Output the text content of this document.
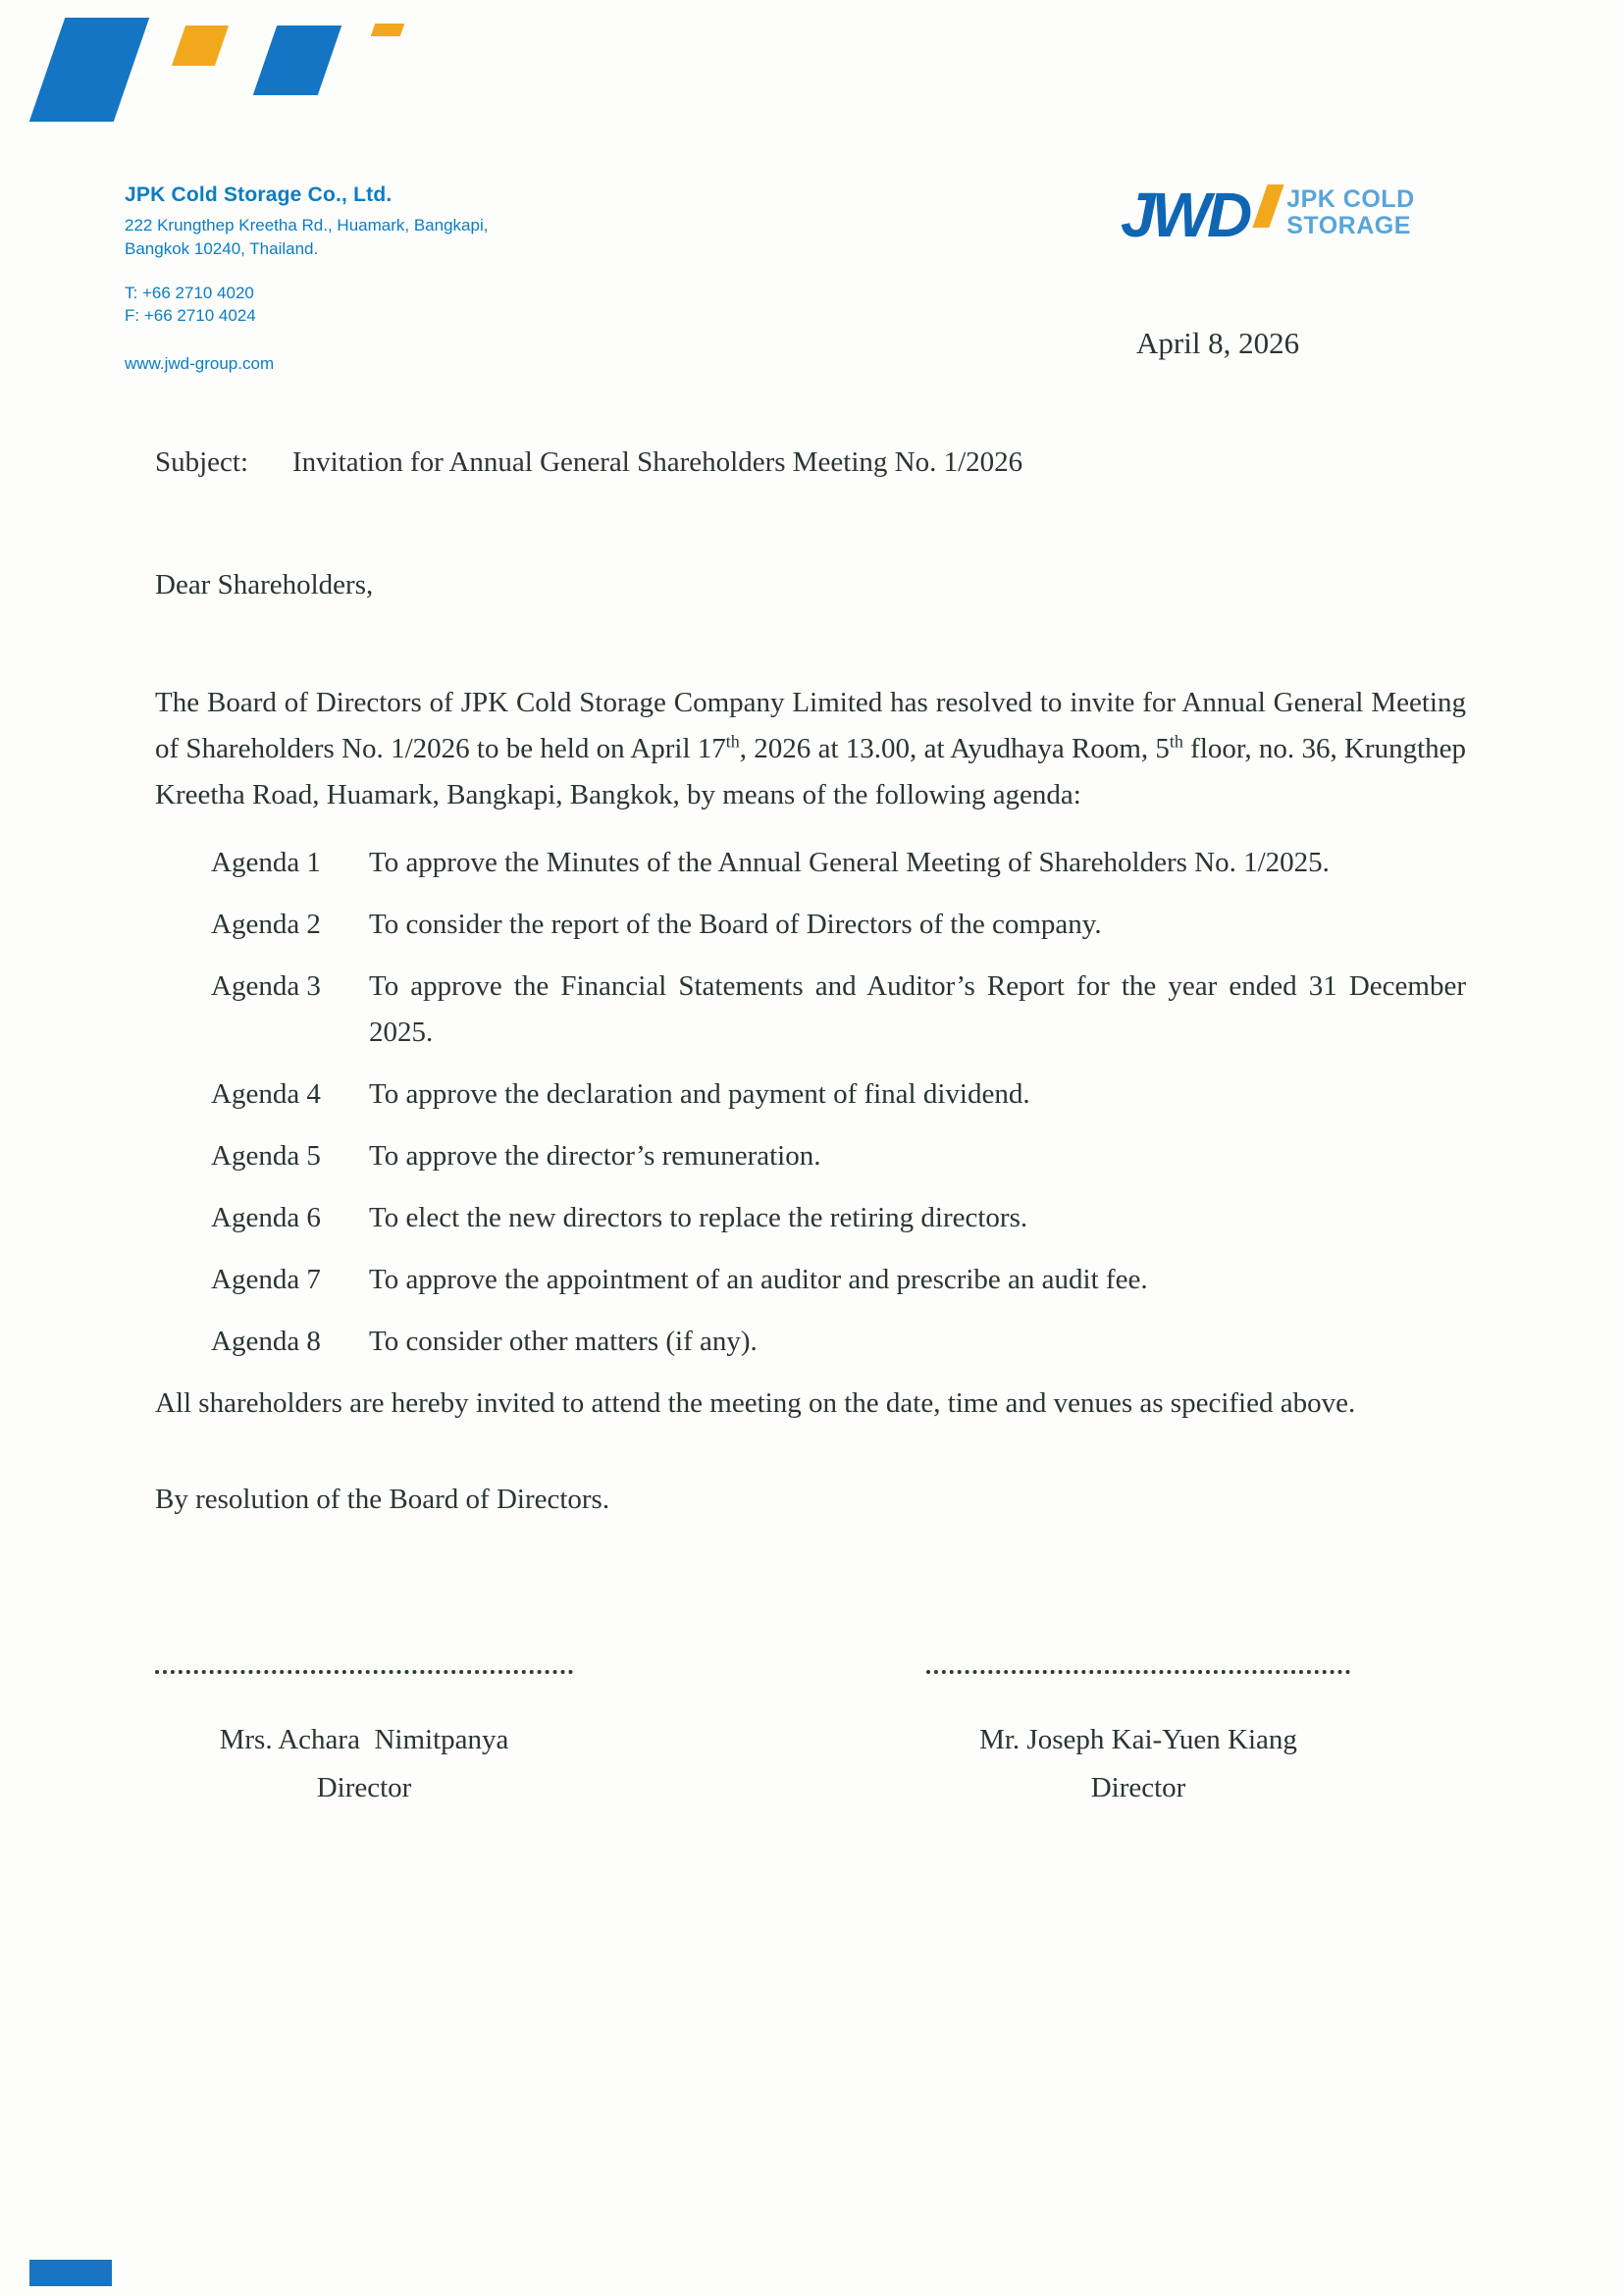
JPK Cold Storage Co., Ltd.
222 Krungthep Kreetha Rd., Huamark, Bangkapi,
Bangkok 10240, Thailand.
T: +66 2710 4020
F: +66 2710 4024
www.jwd-group.com
JWD JPK COLD
STORAGE
April 8, 2026
Subject:	Invitation for Annual General Shareholders Meeting No. 1/2026
Dear Shareholders,
The Board of Directors of JPK Cold Storage Company Limited has resolved to invite for Annual General Meeting of Shareholders No. 1/2026 to be held on April 17th, 2026 at 13.00, at Ayudhaya Room, 5th floor, no. 36, Krungthep Kreetha Road, Huamark, Bangkapi, Bangkok, by means of the following agenda:
Agenda 1	To approve the Minutes of the Annual General Meeting of Shareholders No. 1/2025.
Agenda 2	To consider the report of the Board of Directors of the company.
Agenda 3	To approve the Financial Statements and Auditor’s Report for the year ended 31 December 2025.
Agenda 4	To approve the declaration and payment of final dividend.
Agenda 5	To approve the director’s remuneration.
Agenda 6	To elect the new directors to replace the retiring directors.
Agenda 7	To approve the appointment of an auditor and prescribe an audit fee.
Agenda 8	To consider other matters (if any).
All shareholders are hereby invited to attend the meeting on the date, time and venues as specified above.
By resolution of the Board of Directors.
Mrs. Achara  Nimitpanya
Director
Mr. Joseph Kai-Yuen Kiang
Director
